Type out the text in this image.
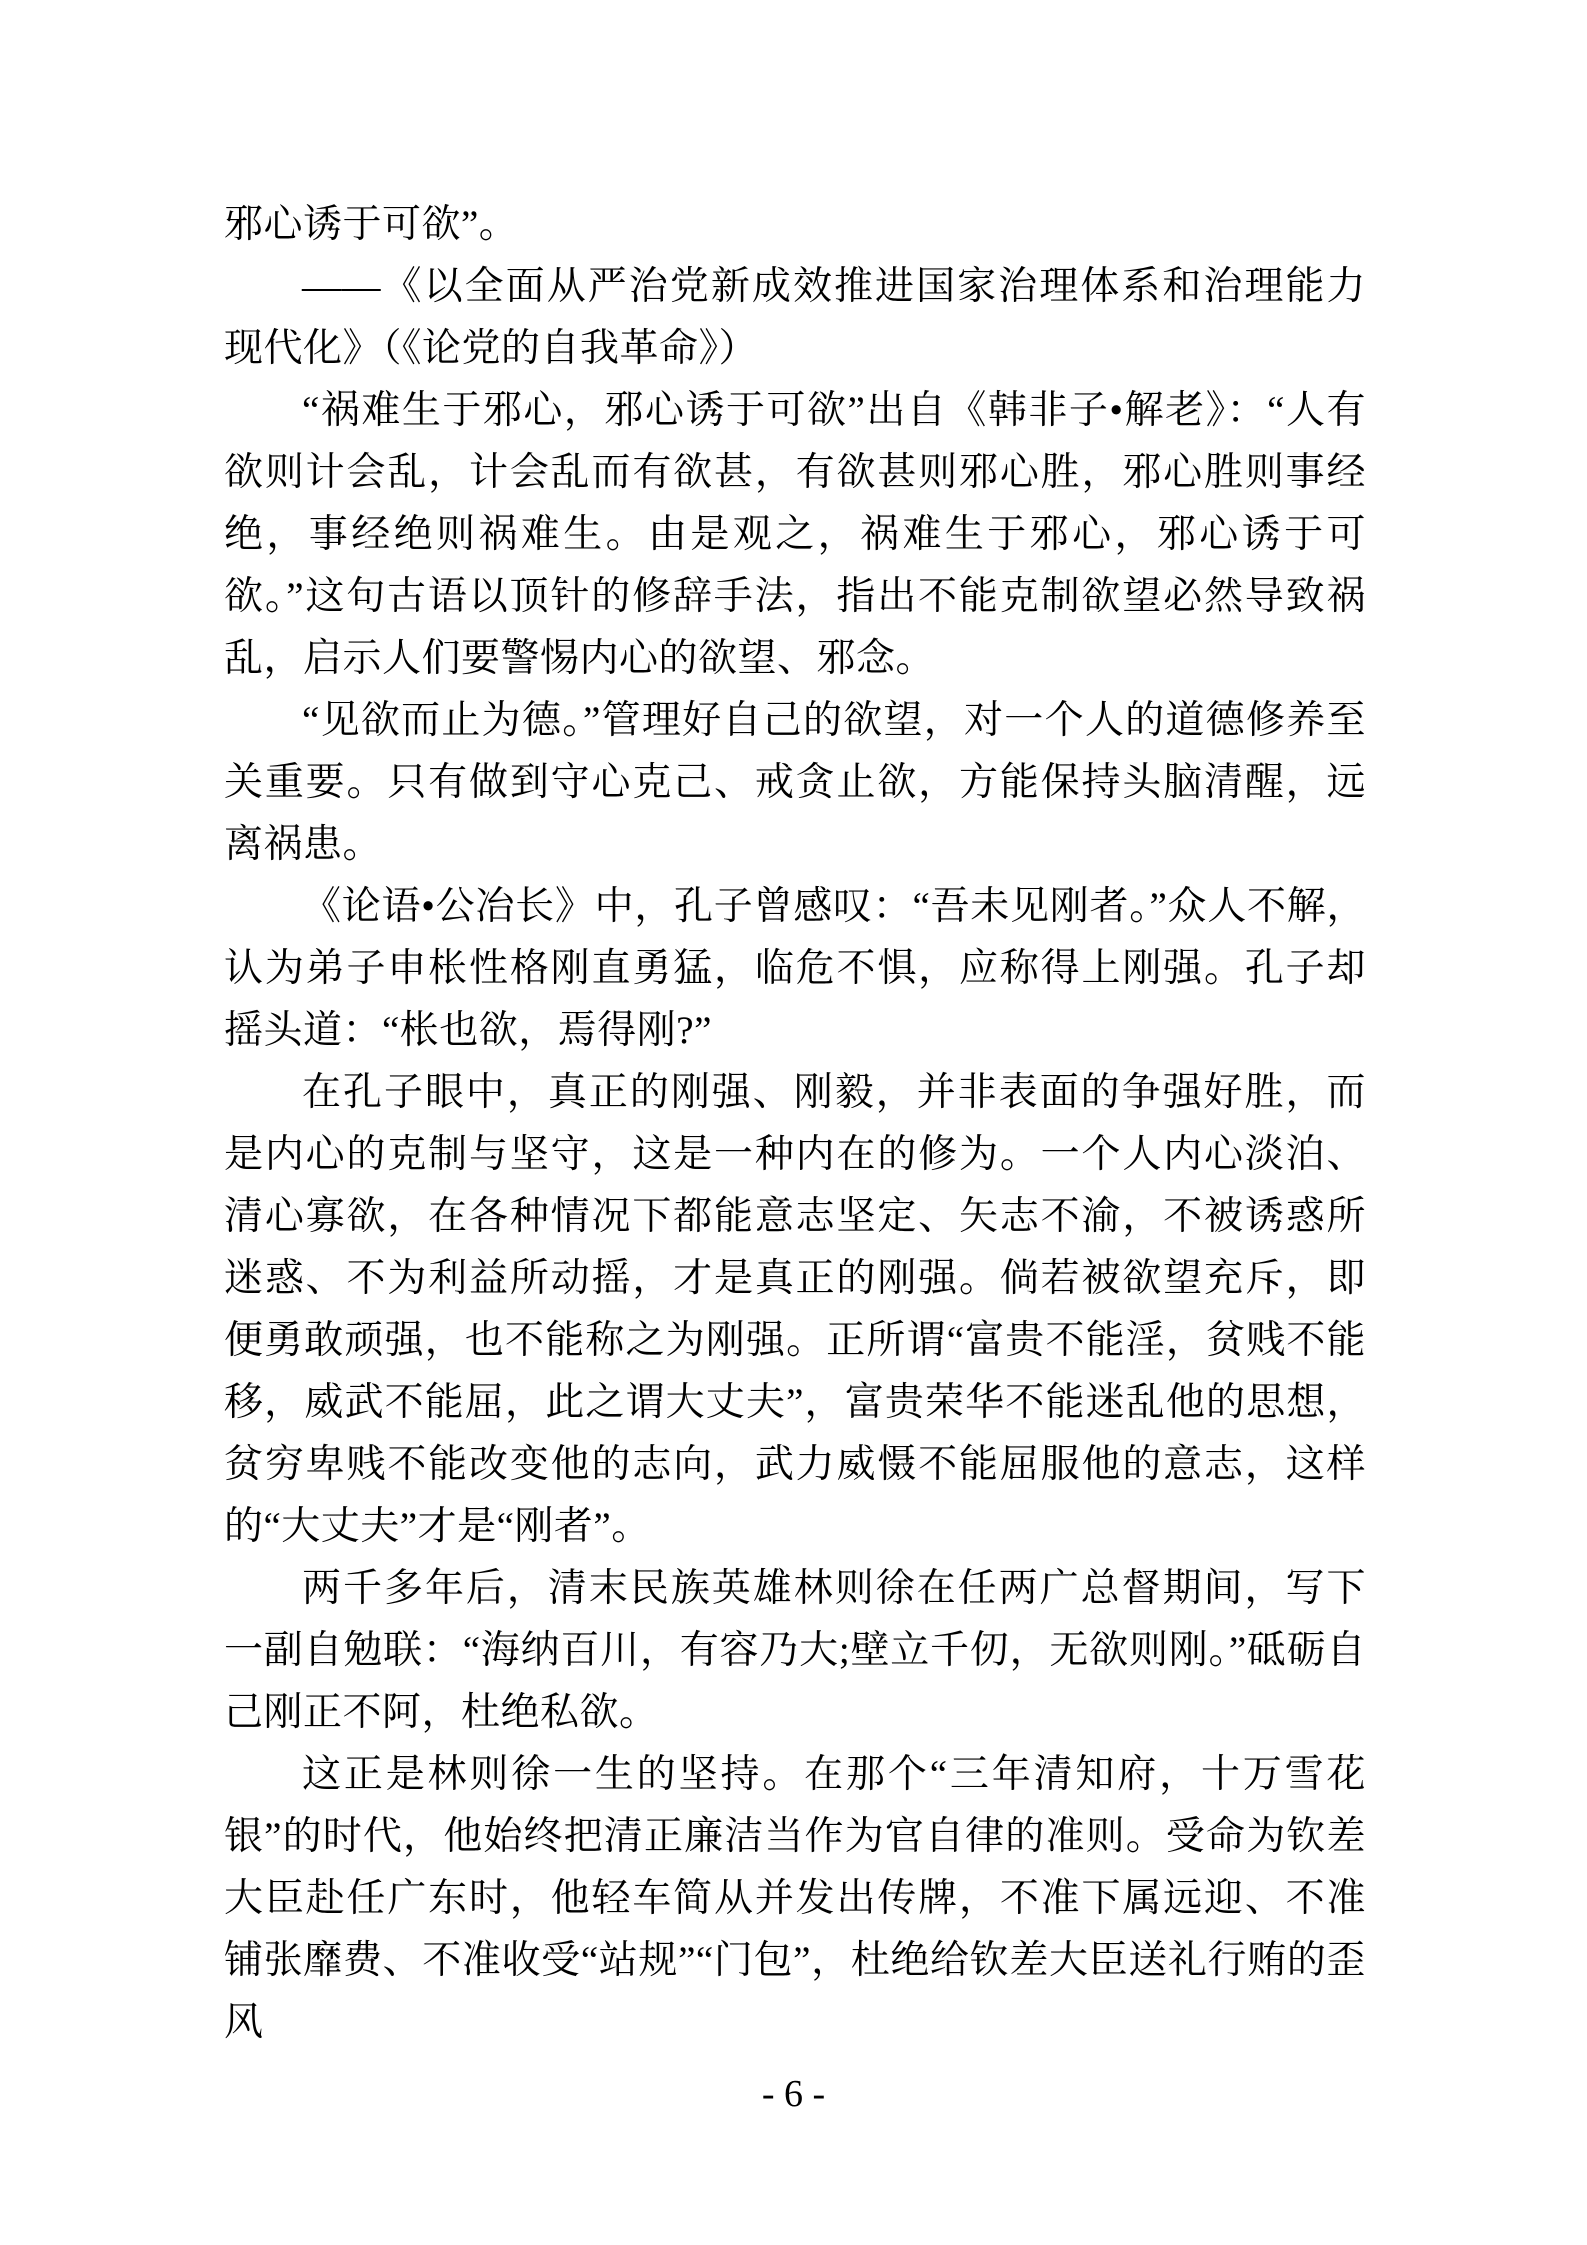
邪心诱于可欲”。

——《以全面从严治党新成效推进国家治理体系和治理能力现代化》（《论党的自我革命》）

“祸难生于邪心，邪心诱于可欲”出自《韩非子•解老》：“人有欲则计会乱，计会乱而有欲甚，有欲甚则邪心胜，邪心胜则事经绝，事经绝则祸难生。由是观之，祸难生于邪心，邪心诱于可欲。”这句古语以顶针的修辞手法，指出不能克制欲望必然导致祸乱，启示人们要警惕内心的欲望、邪念。

“见欲而止为德。”管理好自己的欲望，对一个人的道德修养至关重要。只有做到守心克己、戒贪止欲，方能保持头脑清醒，远离祸患。

《论语•公冶长》中，孔子曾感叹：“吾未见刚者。”众人不解，认为弟子申枨性格刚直勇猛，临危不惧，应称得上刚强。孔子却摇头道：“枨也欲，焉得刚?”

在孔子眼中，真正的刚强、刚毅，并非表面的争强好胜，而是内心的克制与坚守，这是一种内在的修为。一个人内心淡泊、清心寡欲，在各种情况下都能意志坚定、矢志不渝，不被诱惑所迷惑、不为利益所动摇，才是真正的刚强。倘若被欲望充斥，即便勇敢顽强，也不能称之为刚强。正所谓“富贵不能淫，贫贱不能移，威武不能屈，此之谓大丈夫”，富贵荣华不能迷乱他的思想，贫穷卑贱不能改变他的志向，武力威慑不能屈服他的意志，这样的“大丈夫”才是“刚者”。

两千多年后，清末民族英雄林则徐在任两广总督期间，写下一副自勉联：“海纳百川，有容乃大;壁立千仞，无欲则刚。”砥砺自己刚正不阿，杜绝私欲。

这正是林则徐一生的坚持。在那个“三年清知府，十万雪花银”的时代，他始终把清正廉洁当作为官自律的准则。受命为钦差大臣赴任广东时，他轻车简从并发出传牌，不准下属远迎、不准铺张靡费、不准收受“站规”“门包”，杜绝给钦差大臣送礼行贿的歪风

- 6 -
